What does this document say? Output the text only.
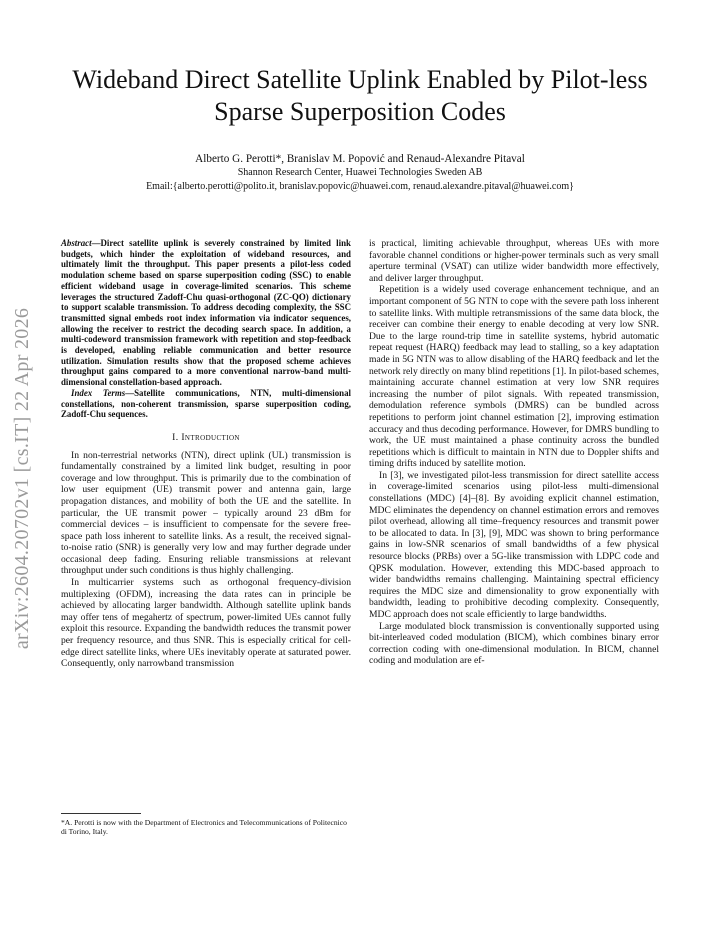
Wideband Direct Satellite Uplink Enabled by Pilot-less Sparse Superposition Codes
Alberto G. Perotti*, Branislav M. Popović and Renaud-Alexandre Pitaval
Shannon Research Center, Huawei Technologies Sweden AB
Email:{alberto.perotti@polito.it, branislav.popovic@huawei.com, renaud.alexandre.pitaval@huawei.com}
arXiv:2604.20702v1 [cs.IT] 22 Apr 2026

Abstract—Direct satellite uplink is severely constrained by limited link budgets, which hinder the exploitation of wideband resources, and ultimately limit the throughput. This paper presents a pilot-less coded modulation scheme based on sparse superposition coding (SSC) to enable efficient wideband usage in coverage-limited scenarios. This scheme leverages the structured Zadoff-Chu quasi-orthogonal (ZC-QO) dictionary to support scalable transmission. To address decoding complexity, the SSC transmitted signal embeds root index information via indicator sequences, allowing the receiver to restrict the decoding search space. In addition, a multi-codeword transmission framework with repetition and stop-feedback is developed, enabling reliable communication and better resource utilization. Simulation results show that the proposed scheme achieves throughput gains compared to a more conventional narrow-band multi-dimensional constellation-based approach.

Index Terms—Satellite communications, NTN, multi-dimensional constellations, non-coherent transmission, sparse superposition coding, Zadoff-Chu sequences.

I. Introduction

In non-terrestrial networks (NTN), direct uplink (UL) transmission is fundamentally constrained by a limited link budget, resulting in poor coverage and low throughput. This is primarily due to the combination of low user equipment (UE) transmit power and antenna gain, large propagation distances, and mobility of both the UE and the satellite. In particular, the UE transmit power – typically around 23 dBm for commercial devices – is insufficient to compensate for the severe free-space path loss inherent to satellite links. As a result, the received signal-to-noise ratio (SNR) is generally very low and may further degrade under occasional deep fading. Ensuring reliable transmissions at relevant throughput under such conditions is thus highly challenging.

In multicarrier systems such as orthogonal frequency-division multiplexing (OFDM), increasing the data rates can in principle be achieved by allocating larger bandwidth. Although satellite uplink bands may offer tens of megahertz of spectrum, power-limited UEs cannot fully exploit this resource. Expanding the bandwidth reduces the transmit power per frequency resource, and thus SNR. This is especially critical for cell-edge direct satellite links, where UEs inevitably operate at saturated power. Consequently, only narrowband transmission

is practical, limiting achievable throughput, whereas UEs with more favorable channel conditions or higher-power terminals such as very small aperture terminal (VSAT) can utilize wider bandwidth more effectively, and deliver larger throughput.

Repetition is a widely used coverage enhancement technique, and an important component of 5G NTN to cope with the severe path loss inherent to satellite links. With multiple retransmissions of the same data block, the receiver can combine their energy to enable decoding at very low SNR. Due to the large round-trip time in satellite systems, hybrid automatic repeat request (HARQ) feedback may lead to stalling, so a key adaptation made in 5G NTN was to allow disabling of the HARQ feedback and let the network rely directly on many blind repetitions [1]. In pilot-based schemes, maintaining accurate channel estimation at very low SNR requires increasing the number of pilot signals. With repeated transmission, demodulation reference symbols (DMRS) can be bundled across repetitions to perform joint channel estimation [2], improving estimation accuracy and thus decoding performance. However, for DMRS bundling to work, the UE must maintained a phase continuity across the bundled repetitions which is difficult to maintain in NTN due to Doppler shifts and timing drifts induced by satellite motion.

In [3], we investigated pilot-less transmission for direct satellite access in coverage-limited scenarios using pilot-less multi-dimensional constellations (MDC) [4]–[8]. By avoiding explicit channel estimation, MDC eliminates the dependency on channel estimation errors and removes pilot overhead, allowing all time–frequency resources and transmit power to be allocated to data. In [3], [9], MDC was shown to bring performance gains in low-SNR scenarios of small bandwidths of a few physical resource blocks (PRBs) over a 5G-like transmission with LDPC code and QPSK modulation. However, extending this MDC-based approach to wider bandwidths remains challenging. Maintaining spectral efficiency requires the MDC size and dimensionality to grow exponentially with bandwidth, leading to prohibitive decoding complexity. Consequently, MDC approach does not scale efficiently to large bandwidths.

Large modulated block transmission is conventionally supported using bit-interleaved coded modulation (BICM), which combines binary error correction coding with one-dimensional modulation. In BICM, channel coding and modulation are ef-

*A. Perotti is now with the Department of Electronics and Telecommunications of Politecnico di Torino, Italy.
